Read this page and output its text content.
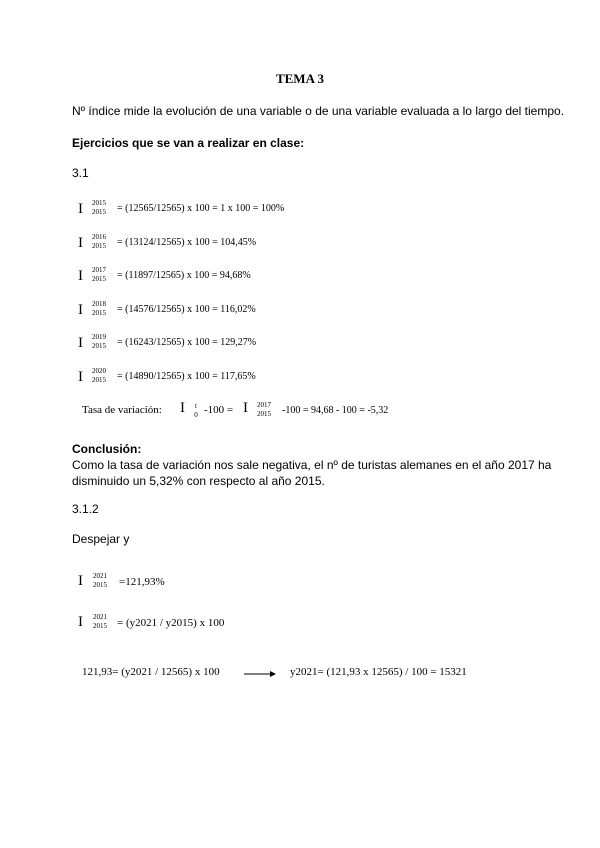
TEMA 3
Nº índice mide la evolución de una variable o de una variable evaluada a lo largo del tiempo.
Ejercicios que se van a realizar en clase:
3.1
I	2015
2015	= (12565/12565) x 100 = 1 x 100 = 100%
I	2016
2015	= (13124/12565) x 100 = 104,45%
I	2017
2015	= (11897/12565) x 100 = 94,68%
I	2018
2015	= (14576/12565) x 100 = 116,02%
I	2019
2015	= (16243/12565) x 100 = 129,27%
I	2020
2015	= (14890/12565) x 100 = 117,65%
Tasa de variación: I	t
0 -100 = I	2017
2015	-100 = 94,68 - 100 = -5,32
Conclusión:
Como la tasa de variación nos sale negativa, el nº de turistas alemanes en el año 2017 ha
disminuido un 5,32% con respecto al año 2015.
3.1.2
Despejar y
I	2021
2015 =121,93%
I	2021
2015 = (y2021 / y2015) x 100
121,93= (y2021 / 12565) x 100	y2021= (121,93 x 12565) / 100 = 15321
